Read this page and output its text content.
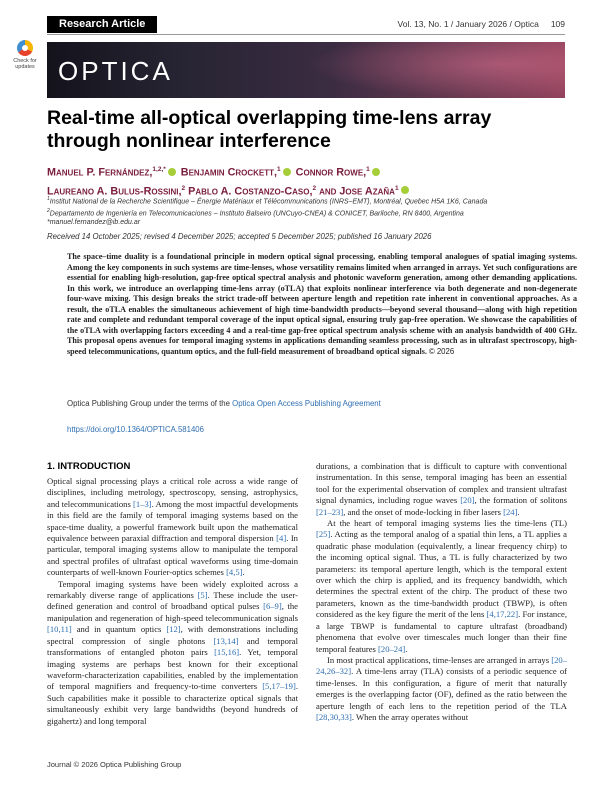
Research Article	Vol. 13, No. 1 / January 2026 / Optica 109
Check for
updates OPTICA
Real-time all-optical overlapping time-lens array through nonlinear interference
Manuel P. Fernández,$^{1,2,*}$ Benjamin Crockett,$^1$ Connor Rowe,$^1$
Laureano A. Bulus-Rossini,$^2$ Pablo A. Costanzo-Caso,$^2$ and Jose Azaña$^1$
$^1$Institut National de la Recherche Scientifique – Énergie Matériaux et Télécommunications (INRS–EMT), Montréal, Quebec H5A 1K6, Canada
$^2$Departamento de Ingeniería en Telecomunicaciones – Instituto Balseiro (UNCuyo-CNEA) & CONICET, Bariloche, RN 8400, Argentina
*manuel.fernandez@ib.edu.ar
Received 14 October 2025; revised 4 December 2025; accepted 5 December 2025; published 16 January 2026
The space–time duality is a foundational principle in modern optical signal processing, enabling temporal analogues of spatial imaging systems. Among the key components in such systems are time-lenses, whose versatility remains limited when arranged in arrays. Yet such configurations are essential for enabling high-resolution, gap-free optical spectral analysis and photonic waveform generation, among other demanding applications. In this work, we introduce an overlapping time-lens array (oTLA) that exploits nonlinear interference via both degenerate and non-degenerate four-wave mixing. This design breaks the strict trade-off between aperture length and repetition rate inherent in conventional approaches. As a result, the oTLA enables the simultaneous achievement of high time-bandwidth products—beyond several thousand—along with high repetition rate and complete and redundant temporal coverage of the input optical signal, ensuring truly gap-free operation. We showcase the capabilities of the oTLA with overlapping factors exceeding 4 and a real-time gap-free optical spectrum analysis scheme with an analysis bandwidth of 400 GHz. This proposal opens avenues for temporal imaging systems in applications demanding seamless processing, such as in ultrafast spectroscopy, high-speed telecommunications, quantum optics, and the full-field measurement of broadband optical signals. © 2026
Optica Publishing Group under the terms of the Optica Open Access Publishing Agreement
https://doi.org/10.1364/OPTICA.581406
1. INTRODUCTION

Optical signal processing plays a critical role across a wide range of disciplines, including metrology, spectroscopy, sensing, astrophysics, and telecommunications [1–3]. Among the most impactful developments in this field are the family of temporal imaging systems based on the space-time duality, a powerful framework built upon the mathematical equivalence between paraxial diffraction and temporal dispersion [4]. In particular, temporal imaging systems allow to manipulate the temporal and spectral profiles of ultrafast optical waveforms using time-domain counterparts of well-known Fourier-optics schemes [4,5].

Temporal imaging systems have been widely exploited across a remarkably diverse range of applications [5]. These include the user-defined generation and control of broadband optical pulses [6–9], the manipulation and regeneration of high-speed telecommunication signals [10,11] and in quantum optics [12], with demonstrations including spectral compression of single photons [13,14] and temporal transformations of entangled photon pairs [15,16]. Yet, temporal imaging systems are perhaps best known for their exceptional waveform-characterization capabilities, enabled by the implementation of temporal magnifiers and frequency-to-time converters [5,17–19]. Such capabilities make it possible to characterize optical signals that simultaneously exhibit very large bandwidths (beyond hundreds of gigahertz) and long temporal

durations, a combination that is difficult to capture with conventional instrumentation. In this sense, temporal imaging has been an essential tool for the experimental observation of complex and transient ultrafast signal dynamics, including rogue waves [20], the formation of solitons [21–23], and the onset of mode-locking in fiber lasers [24].

At the heart of temporal imaging systems lies the time-lens (TL) [25]. Acting as the temporal analog of a spatial thin lens, a TL applies a quadratic phase modulation (equivalently, a linear frequency chirp) to the incoming optical signal. Thus, a TL is fully characterized by two parameters: its temporal aperture length, which is the temporal extent over which the chirp is applied, and its frequency bandwidth, which determines the spectral extent of the chirp. The product of these two parameters, known as the time-bandwidth product (TBWP), is often considered as the key figure the merit of the lens [4,17,22]. For instance, a large TBWP is fundamental to capture ultrafast (broadband) phenomena that evolve over timescales much longer than their fine temporal features [20–24].

In most practical applications, time-lenses are arranged in arrays [20–24,26–32]. A time-lens array (TLA) consists of a periodic sequence of time-lenses. In this configuration, a figure of merit that naturally emerges is the overlapping factor (OF), defined as the ratio between the aperture length of each lens to the repetition period of the TLA [28,30,33]. When the array operates without

Journal © 2026 Optica Publishing Group
